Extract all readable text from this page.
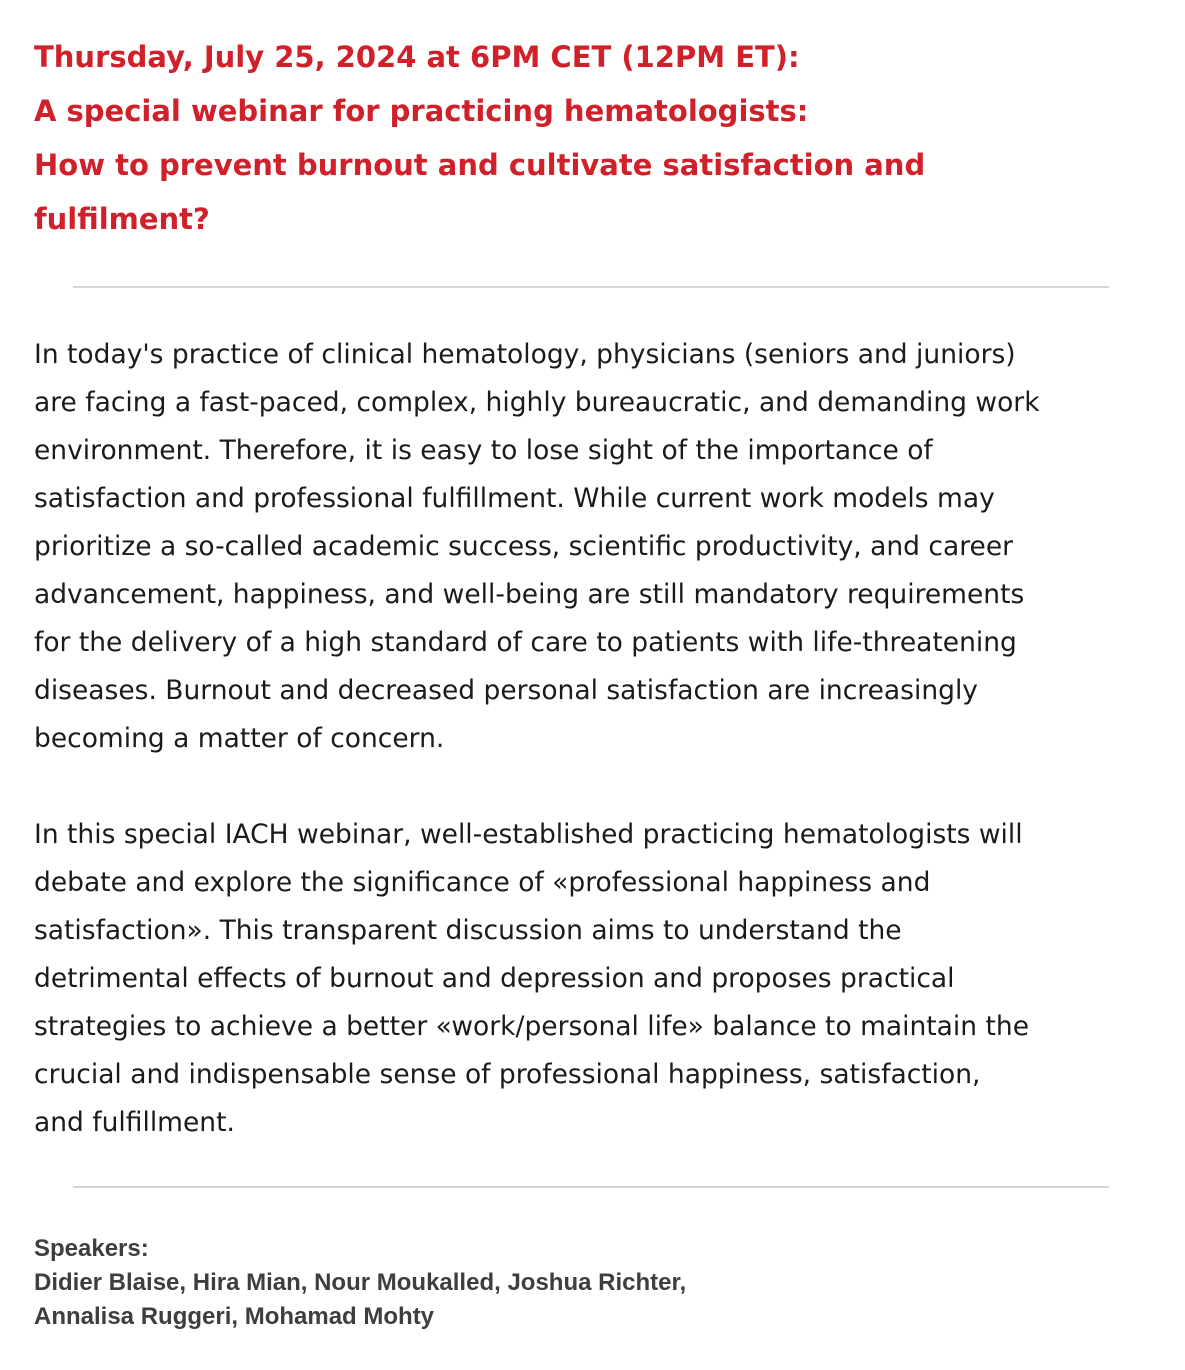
Thursday, July 25, 2024 at 6PM CET (12PM ET):
A special webinar for practicing hematologists:
How to prevent burnout and cultivate satisfaction and
fulfilment?

In today's practice of clinical hematology, physicians (seniors and juniors)
are facing a fast-paced, complex, highly bureaucratic, and demanding work
environment. Therefore, it is easy to lose sight of the importance of
satisfaction and professional fulfillment. While current work models may
prioritize a so-called academic success, scientific productivity, and career
advancement, happiness, and well-being are still mandatory requirements
for the delivery of a high standard of care to patients with life-threatening
diseases. Burnout and decreased personal satisfaction are increasingly
becoming a matter of concern.

In this special IACH webinar, well-established practicing hematologists will
debate and explore the significance of «professional happiness and
satisfaction». This transparent discussion aims to understand the
detrimental effects of burnout and depression and proposes practical
strategies to achieve a better «work/personal life» balance to maintain the
crucial and indispensable sense of professional happiness, satisfaction,
and fulfillment.

Speakers:
Didier Blaise, Hira Mian, Nour Moukalled, Joshua Richter,
Annalisa Ruggeri, Mohamad Mohty
